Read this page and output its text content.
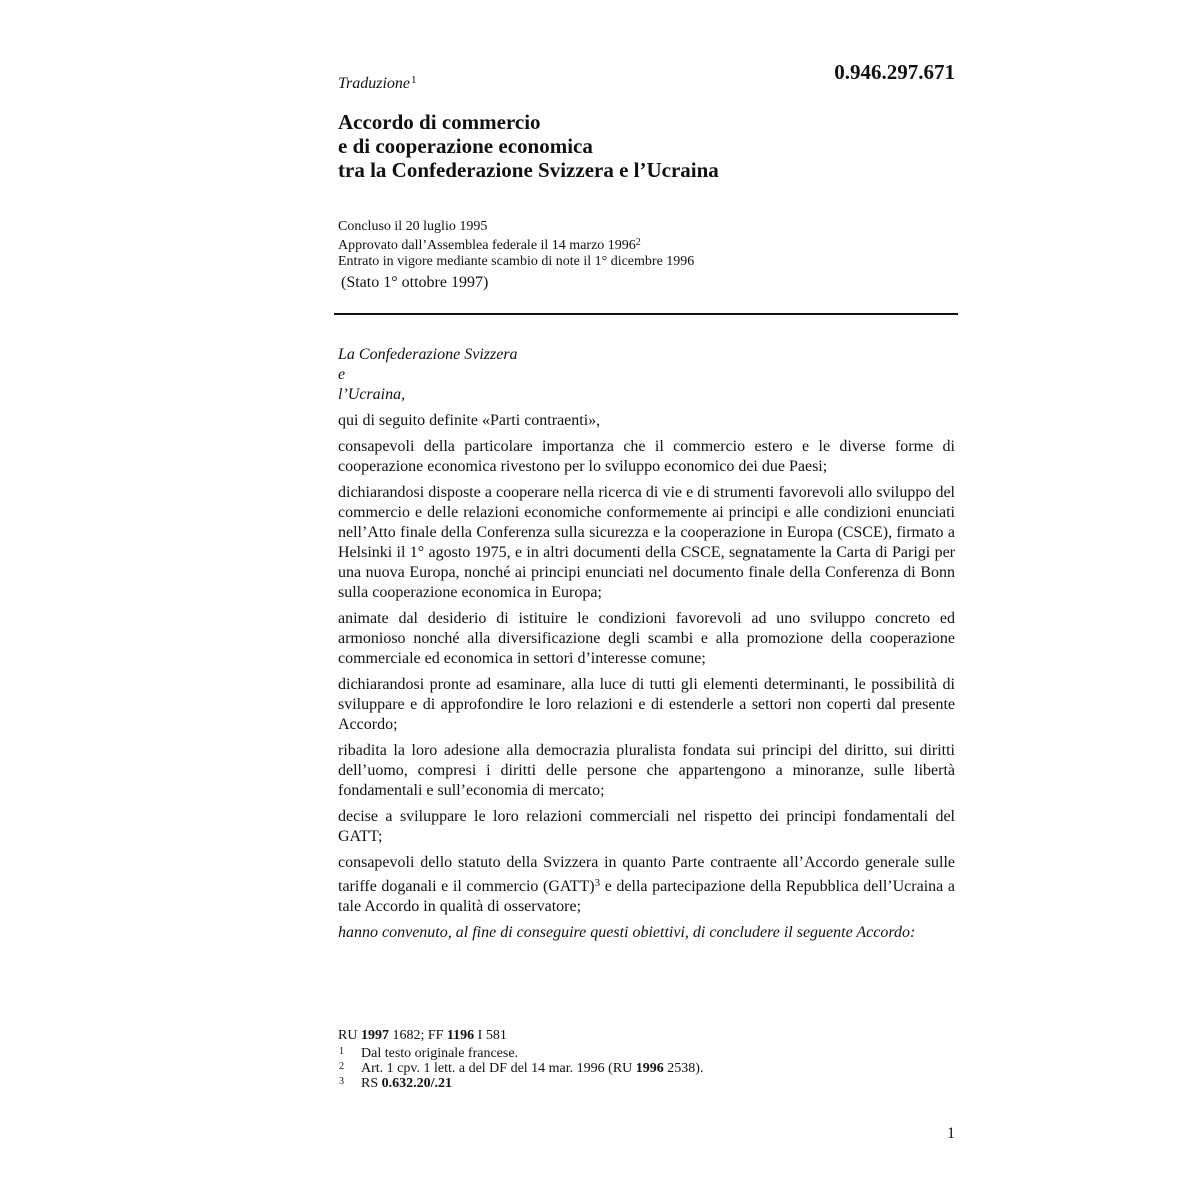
0.946.297.671
Traduzione$^1$
Accordo di commercio
e di cooperazione economica
tra la Confederazione Svizzera e l’Ucraina
Concluso il 20 luglio 1995
Approvato dall’Assemblea federale il 14 marzo 1996$^2$
Entrato in vigore mediante scambio di note il 1° dicembre 1996
(Stato 1° ottobre 1997)
La Confederazione Svizzera
e
l’Ucraina,
qui di seguito definite «Parti contraenti»,
consapevoli della particolare importanza che il commercio estero e le diverse forme di cooperazione economica rivestono per lo sviluppo economico dei due Paesi;
dichiarandosi disposte a cooperare nella ricerca di vie e di strumenti favorevoli allo sviluppo del commercio e delle relazioni economiche conformemente ai principi e alle condizioni enunciati nell’Atto finale della Conferenza sulla sicurezza e la cooperazione in Europa (CSCE), firmato a Helsinki il 1° agosto 1975, e in altri documenti della CSCE, segnatamente la Carta di Parigi per una nuova Europa, nonché ai principi enunciati nel documento finale della Conferenza di Bonn sulla cooperazione economica in Europa;
animate dal desiderio di istituire le condizioni favorevoli ad uno sviluppo concreto ed armonioso nonché alla diversificazione degli scambi e alla promozione della cooperazione commerciale ed economica in settori d’interesse comune;
dichiarandosi pronte ad esaminare, alla luce di tutti gli elementi determinanti, le possibilità di sviluppare e di approfondire le loro relazioni e di estenderle a settori non coperti dal presente Accordo;
ribadita la loro adesione alla democrazia pluralista fondata sui principi del diritto, sui diritti dell’uomo, compresi i diritti delle persone che appartengono a minoranze, sulle libertà fondamentali e sull’economia di mercato;
decise a sviluppare le loro relazioni commerciali nel rispetto dei principi fondamentali del GATT;
consapevoli dello statuto della Svizzera in quanto Parte contraente all’Accordo generale sulle tariffe doganali e il commercio (GATT)$^3$ e della partecipazione della Repubblica dell’Ucraina a tale Accordo in qualità di osservatore;
hanno convenuto, al fine di conseguire questi obiettivi, di concludere il seguente Accordo:
RU 1997 1682; FF 1196 I 581
1	Dal testo originale francese.
2	Art. 1 cpv. 1 lett. a del DF del 14 mar. 1996 (RU 1996 2538).
3	RS 0.632.20/.21
1
